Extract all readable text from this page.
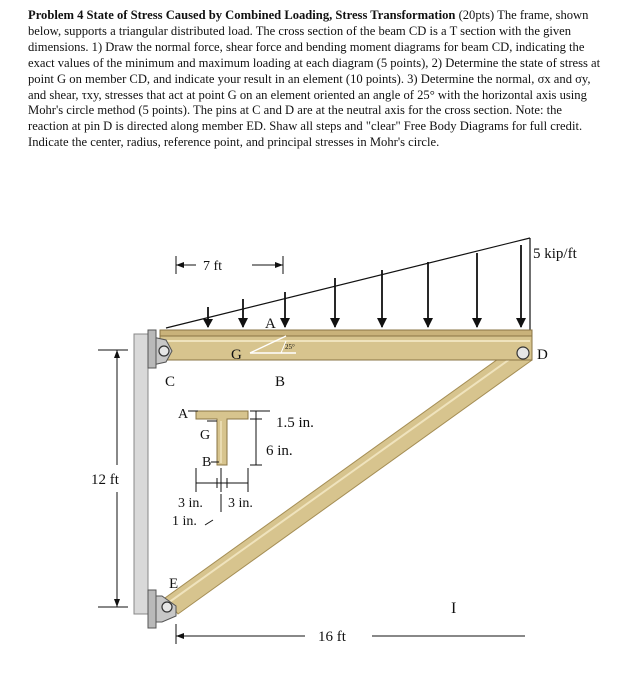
Problem 4 State of Stress Caused by Combined Loading, Stress Transformation (20pts) The frame, shown below, supports a triangular distributed load. The cross section of the beam CD is a T section with the given dimensions. 1) Draw the normal force, shear force and bending moment diagrams for beam CD, indicating the exact values of the minimum and maximum loading at each diagram (5 points), 2) Determine the state of stress at point G on member CD, and indicate your result in an element (10 points). 3) Determine the normal, σx and σy, and shear, τxy, stresses that act at point G on an element oriented an angle of 25° with the horizontal axis using Mohr's circle method (5 points). The pins at C and D are at the neutral axis for the cross section. Note: the reaction at pin D is directed along member ED. Shaw all steps and "clear" Free Body Diagrams for full credit. Indicate the center, radius, reference point, and principal stresses in Mohr's circle.
5 kip/ft
7 ft
25°
G
A
C	B
D
E
12 ft
16 ft
I
A
G
B
1.5 in.
6 in.
3 in. 3 in.
1 in.
